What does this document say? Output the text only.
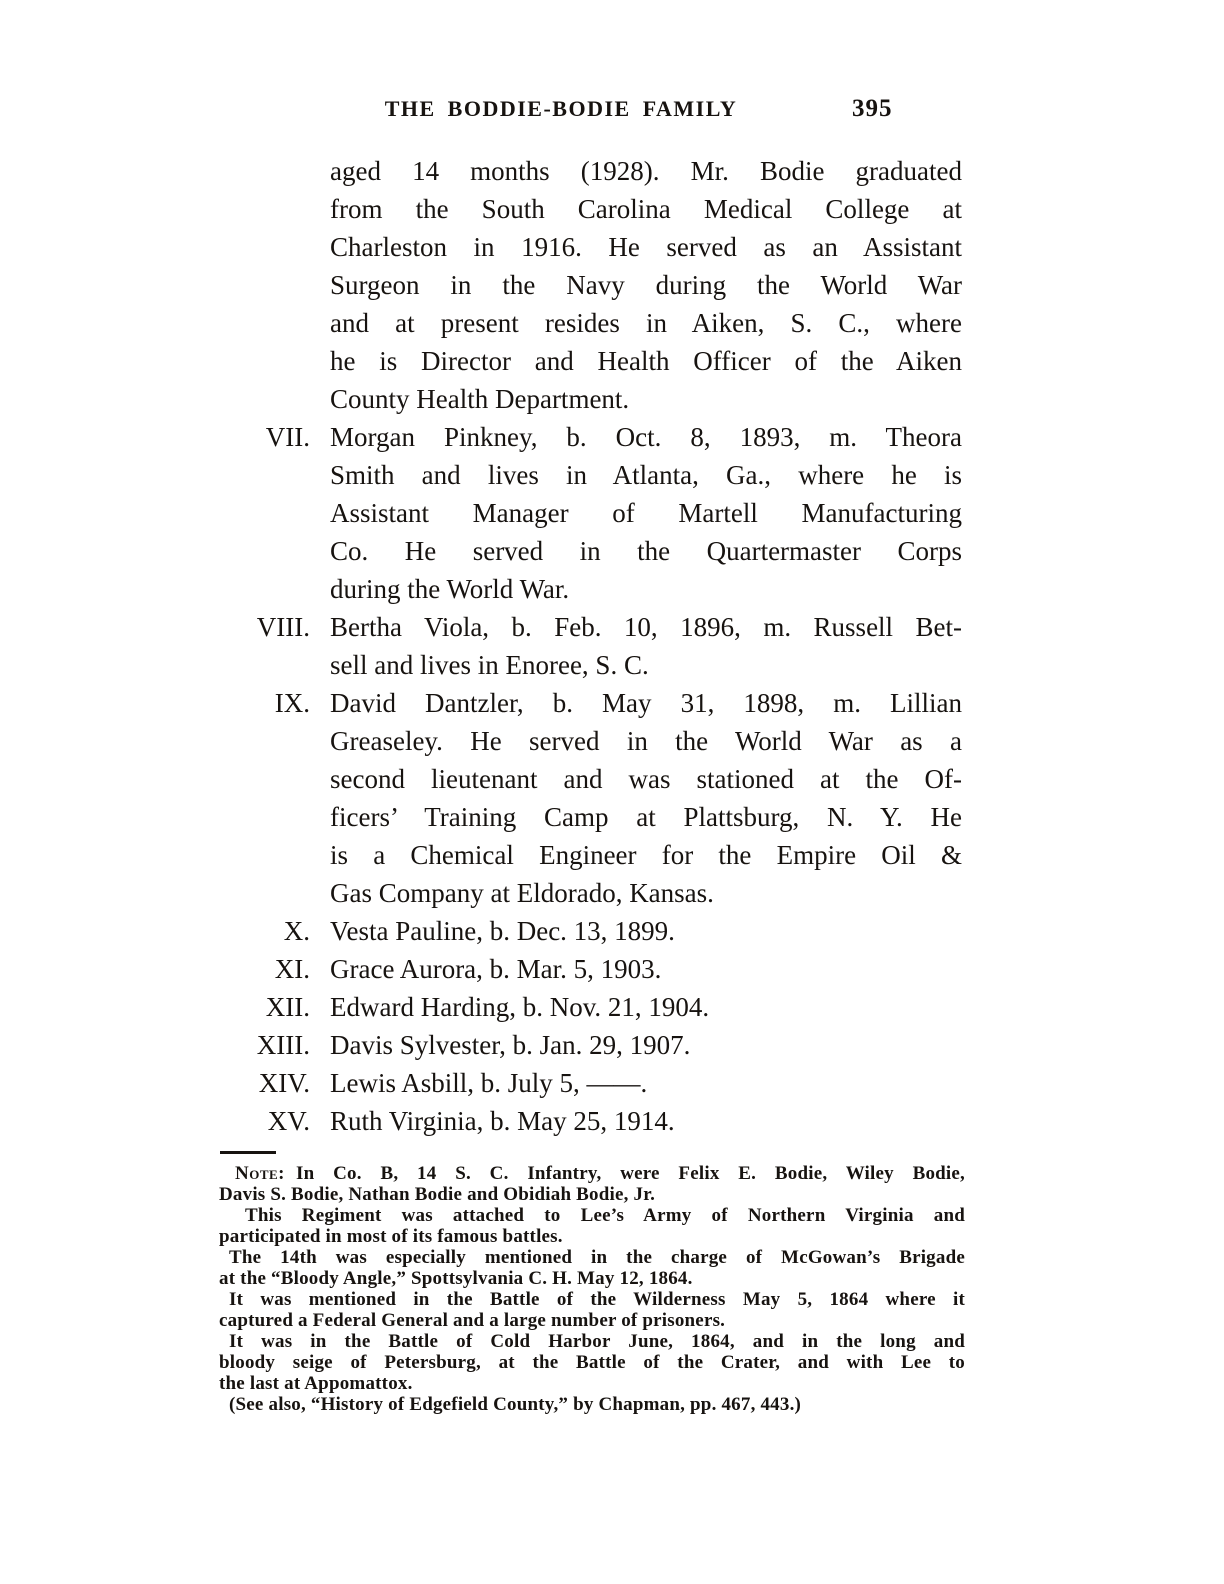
THE BODDIE-BODIE FAMILY	395
aged 14 months (1928). Mr. Bodie graduated
from the South Carolina Medical College at
Charleston in 1916. He served as an Assistant
Surgeon in the Navy during the World War
and at present resides in Aiken, S. C., where
he is Director and Health Officer of the Aiken
County Health Department.
VII. Morgan Pinkney, b. Oct. 8, 1893, m. Theora
Smith and lives in Atlanta, Ga., where he is
Assistant Manager of Martell Manufacturing
Co. He served in the Quartermaster Corps
during the World War.
VIII. Bertha Viola, b. Feb. 10, 1896, m. Russell Bet-
sell and lives in Enoree, S. C.
IX. David Dantzler, b. May 31, 1898, m. Lillian
Greaseley. He served in the World War as a
second lieutenant and was stationed at the Of-
ficers’ Training Camp at Plattsburg, N. Y. He
is a Chemical Engineer for the Empire Oil &
Gas Company at Eldorado, Kansas.
X. Vesta Pauline, b. Dec. 13, 1899.
XI. Grace Aurora, b. Mar. 5, 1903.
XII. Edward Harding, b. Nov. 21, 1904.
XIII. Davis Sylvester, b. Jan. 29, 1907.
XIV. Lewis Asbill, b. July 5, ——.
XV. Ruth Virginia, b. May 25, 1914.
Note: In Co. B, 14 S. C. Infantry, were Felix E. Bodie, Wiley Bodie,
Davis S. Bodie, Nathan Bodie and Obidiah Bodie, Jr.
This Regiment was attached to Lee’s Army of Northern Virginia and
participated in most of its famous battles.
The 14th was especially mentioned in the charge of McGowan’s Brigade
at the “Bloody Angle,” Spottsylvania C. H. May 12, 1864.
It was mentioned in the Battle of the Wilderness May 5, 1864 where it
captured a Federal General and a large number of prisoners.
It was in the Battle of Cold Harbor June, 1864, and in the long and
bloody seige of Petersburg, at the Battle of the Crater, and with Lee to
the last at Appomattox.
(See also, “History of Edgefield County,” by Chapman, pp. 467, 443.)
